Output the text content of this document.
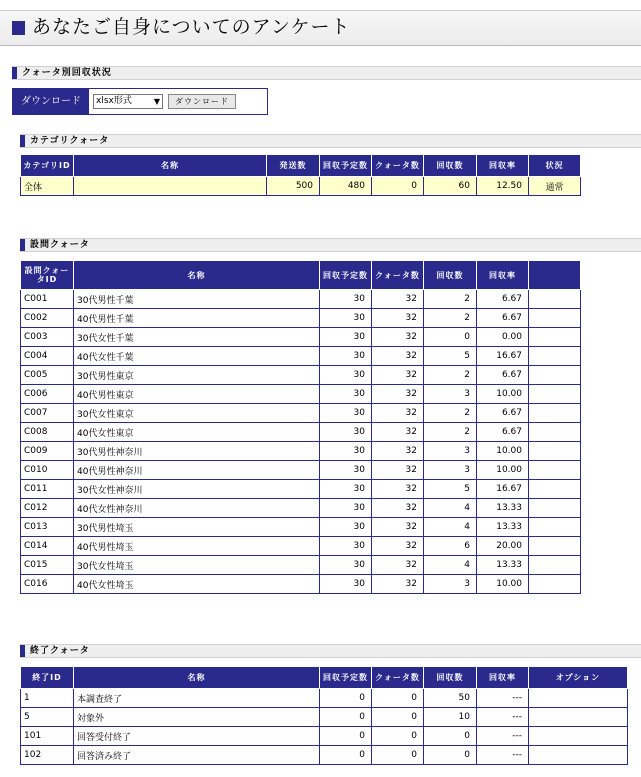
あなたご自身についてのアンケート
クォータ別回収状況
ダウンロード	xlsx形式	▼	ダウンロード
カテゴリクォータ
カテゴリID	名称	発送数	回収予定数	クォータ数	回収数	回収率	状況
全体		500	480	0	60	12.50	通常
設問クォータ
設問クォータID	名称	回収予定数	クォータ数	回収数	回収率	
C001	30代男性千葉	30	32	2	6.67	
C002	40代男性千葉	30	32	2	6.67	
C003	30代女性千葉	30	32	0	0.00	
C004	40代女性千葉	30	32	5	16.67	
C005	30代男性東京	30	32	2	6.67	
C006	40代男性東京	30	32	3	10.00	
C007	30代女性東京	30	32	2	6.67	
C008	40代女性東京	30	32	2	6.67	
C009	30代男性神奈川	30	32	3	10.00	
C010	40代男性神奈川	30	32	3	10.00	
C011	30代女性神奈川	30	32	5	16.67	
C012	40代女性神奈川	30	32	4	13.33	
C013	30代男性埼玉	30	32	4	13.33	
C014	40代男性埼玉	30	32	6	20.00	
C015	30代女性埼玉	30	32	4	13.33	
C016	40代女性埼玉	30	32	3	10.00	
終了クォータ
終了ID	名称	回収予定数	クォータ数	回収数	回収率	オプション
1	本調査終了	0	0	50	---	
5	対象外	0	0	10	---	
101	回答受付終了	0	0	0	---	
102	回答済み終了	0	0	0	---	
